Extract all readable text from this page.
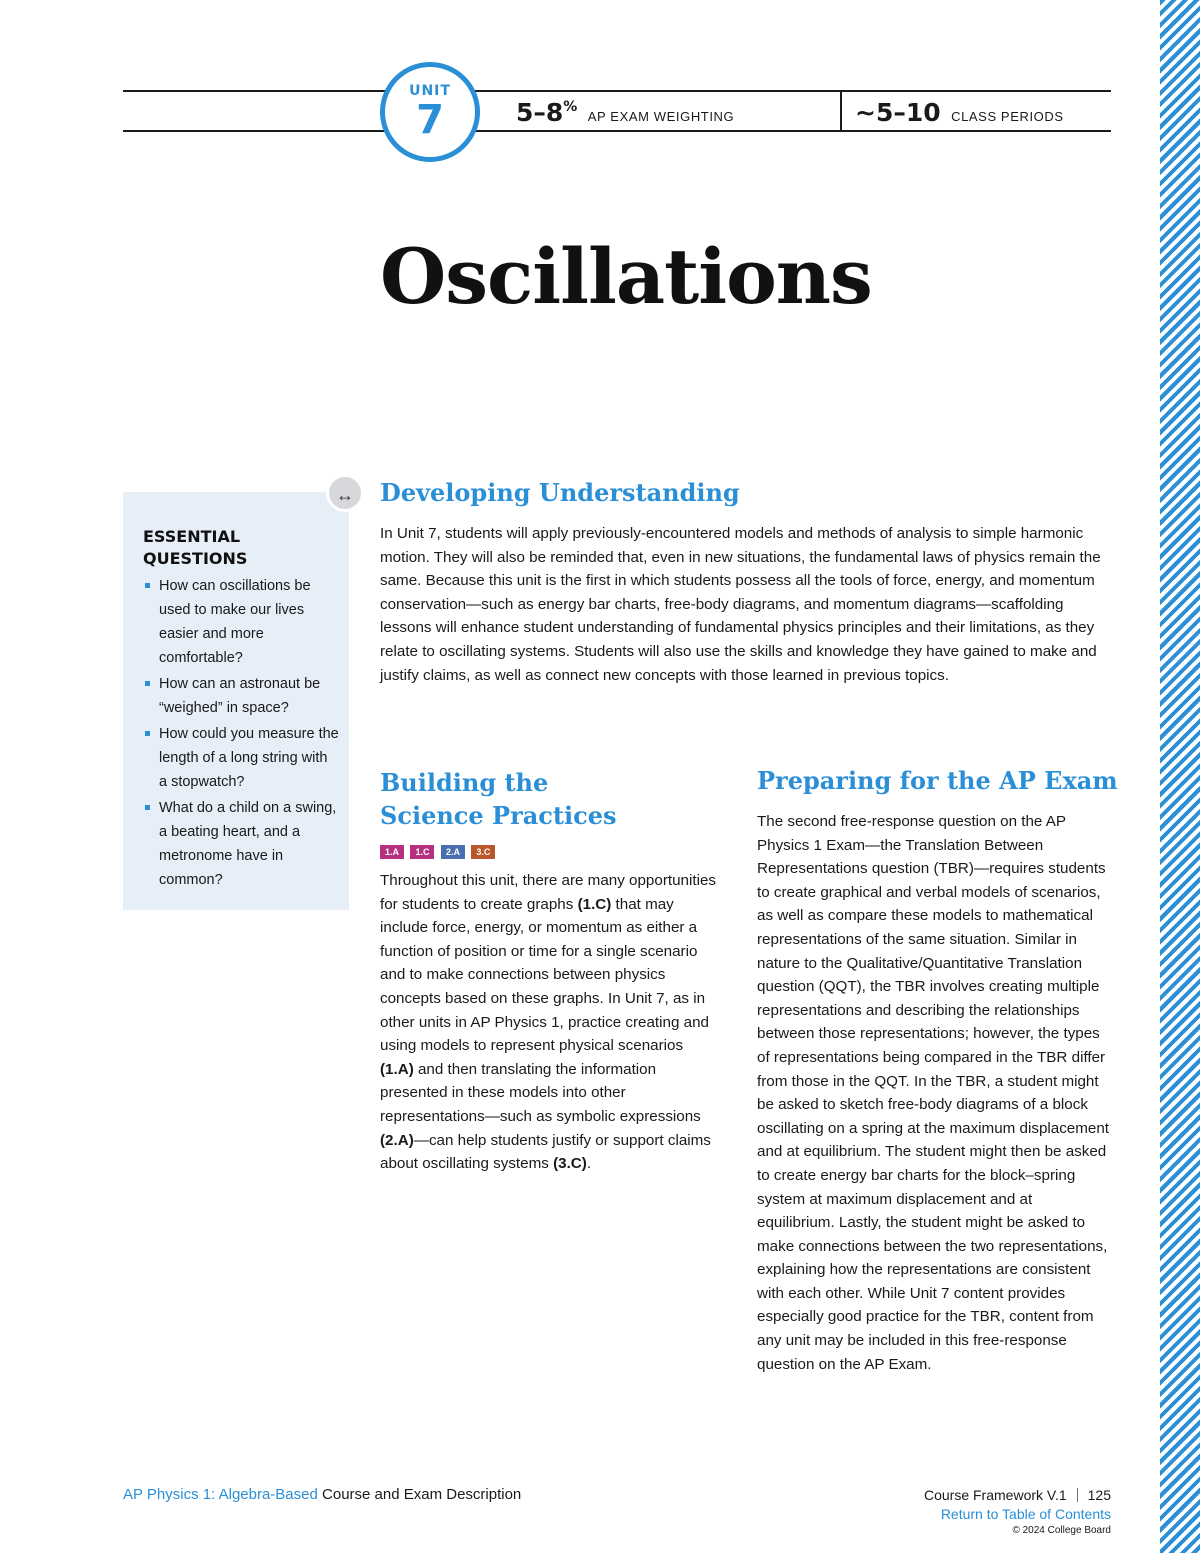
UNIT
7	5–8% AP EXAM WEIGHTING	~5–10 CLASS PERIODS
Oscillations
ESSENTIAL
QUESTIONS
How can oscillations be used to make our lives easier and more comfortable?
How can an astronaut be “weighed” in space?
How could you measure the length of a long string with a stopwatch?
What do a child on a swing, a beating heart, and a metronome have in common?
↔	Developing Understanding

In Unit 7, students will apply previously-encountered models and methods of analysis to simple harmonic motion. They will also be reminded that, even in new situations, the fundamental laws of physics remain the same. Because this unit is the first in which students possess all the tools of force, energy, and momentum conservation—such as energy bar charts, free-body diagrams, and momentum diagrams—scaffolding lessons will enhance student understanding of fundamental physics principles and their limitations, as they relate to oscillating systems. Students will also use the skills and knowledge they have gained to make and justify claims, as well as connect new concepts with those learned in previous topics.

Building the
Science Practices
1.A 1.C 2.A 3.C

Throughout this unit, there are many opportunities for students to create graphs (1.C) that may include force, energy, or momentum as either a function of position or time for a single scenario and to make connections between physics concepts based on these graphs. In Unit 7, as in other units in AP Physics 1, practice creating and using models to represent physical scenarios (1.A) and then translating the information presented in these models into other representations—such as symbolic expressions (2.A)—can help students justify or support claims about oscillating systems (3.C).

Preparing for the AP Exam

The second free-response question on the AP Physics 1 Exam—the Translation Between Representations question (TBR)—requires students to create graphical and verbal models of scenarios, as well as compare these models to mathematical representations of the same situation. Similar in nature to the Qualitative/Quantitative Translation question (QQT), the TBR involves creating multiple representations and describing the relationships between those representations; however, the types of representations being compared in the TBR differ from those in the QQT. In the TBR, a student might be asked to sketch free-body diagrams of a block oscillating on a spring at the maximum displacement and at equilibrium. The student might then be asked to create energy bar charts for the block–spring system at maximum displacement and at equilibrium. Lastly, the student might be asked to make connections between the two representations, explaining how the representations are consistent with each other. While Unit 7 content provides especially good practice for the TBR, content from any unit may be included in this free-response question on the AP Exam.

AP Physics 1: Algebra-Based Course and Exam Description	Course Framework V.1 125
Return to Table of Contents
© 2024 College Board
